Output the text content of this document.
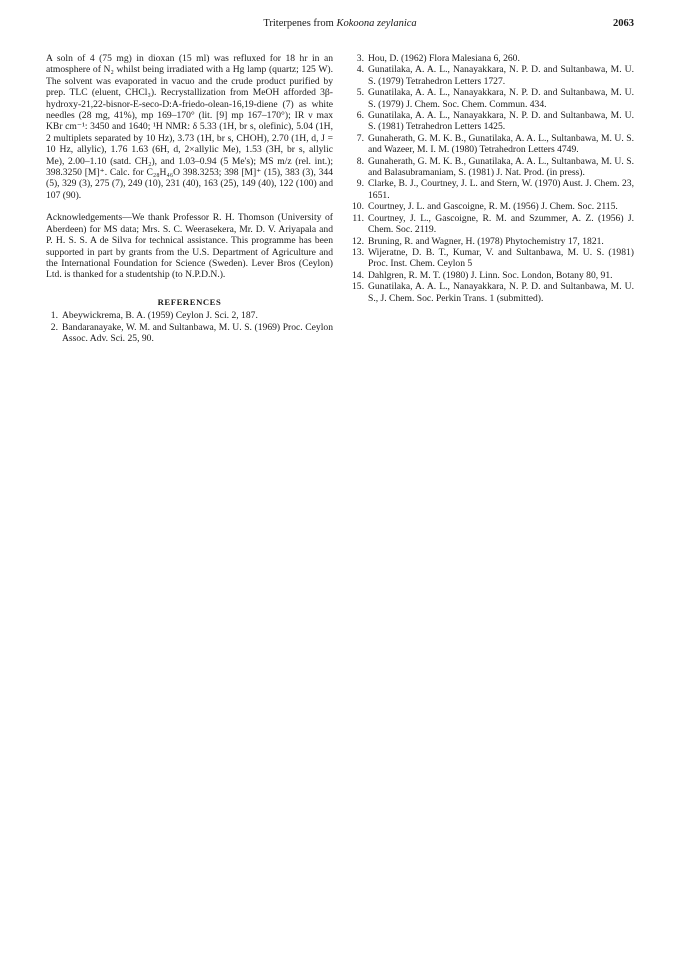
Triterpenes from Kokoona zeylanica	2063

A soln of 4 (75 mg) in dioxan (15 ml) was refluxed for 18 hr in an atmosphere of N₂ whilst being irradiated with a Hg lamp (quartz; 125 W). The solvent was evaporated in vacuo and the crude product purified by prep. TLC (eluent, CHCl₃). Recrystallization from MeOH afforded 3β-hydroxy-21,22-bisnor-E-seco-D:A-friedo-olean-16,19-diene (7) as white needles (28 mg, 41%), mp 169–170° (lit. [9] mp 167–170°); IR ν max KBr cm⁻¹: 3450 and 1640; ¹H NMR: δ 5.33 (1H, br s, olefinic), 5.04 (1H, 2 multiplets separated by 10 Hz), 3.73 (1H, br s, CHOH), 2.70 (1H, d, J = 10 Hz, allylic), 1.76 1.63 (6H, d, 2×allylic Me), 1.53 (3H, br s, allylic Me), 2.00–1.10 (satd. CH₂), and 1.03–0.94 (5 Me's); MS m/z (rel. int.); 398.3250 [M]⁺. Calc. for C₂₈H₄₆O 398.3253; 398 [M]⁺ (15), 383 (3), 344 (5), 329 (3), 275 (7), 249 (10), 231 (40), 163 (25), 149 (40), 122 (100) and 107 (90).

Acknowledgements—We thank Professor R. H. Thomson (University of Aberdeen) for MS data; Mrs. S. C. Weerasekera, Mr. D. V. Ariyapala and P. H. S. S. A de Silva for technical assistance. This programme has been supported in part by grants from the U.S. Department of Agriculture and the International Foundation for Science (Sweden). Lever Bros (Ceylon) Ltd. is thanked for a studentship (to N.P.D.N.).

REFERENCES
1. Abeywickrema, B. A. (1959) Ceylon J. Sci. 2, 187.
2. Bandaranayake, W. M. and Sultanbawa, M. U. S. (1969) Proc. Ceylon Assoc. Adv. Sci. 25, 90.
3. Hou, D. (1962) Flora Malesiana 6, 260.
4. Gunatilaka, A. A. L., Nanayakkara, N. P. D. and Sultanbawa, M. U. S. (1979) Tetrahedron Letters 1727.
5. Gunatilaka, A. A. L., Nanayakkara, N. P. D. and Sultanbawa, M. U. S. (1979) J. Chem. Soc. Chem. Commun. 434.
6. Gunatilaka, A. A. L., Nanayakkara, N. P. D. and Sultanbawa, M. U. S. (1981) Tetrahedron Letters 1425.
7. Gunaherath, G. M. K. B., Gunatilaka, A. A. L., Sultanbawa, M. U. S. and Wazeer, M. I. M. (1980) Tetrahedron Letters 4749.
8. Gunaherath, G. M. K. B., Gunatilaka, A. A. L., Sultanbawa, M. U. S. and Balasubramaniam, S. (1981) J. Nat. Prod. (in press).
9. Clarke, B. J., Courtney, J. L. and Stern, W. (1970) Aust. J. Chem. 23, 1651.
10. Courtney, J. L. and Gascoigne, R. M. (1956) J. Chem. Soc. 2115.
11. Courtney, J. L., Gascoigne, R. M. and Szummer, A. Z. (1956) J. Chem. Soc. 2119.
12. Bruning, R. and Wagner, H. (1978) Phytochemistry 17, 1821.
13. Wijeratne, D. B. T., Kumar, V. and Sultanbawa, M. U. S. (1981) Proc. Inst. Chem. Ceylon 5
14. Dahlgren, R. M. T. (1980) J. Linn. Soc. London, Botany 80, 91.
15. Gunatilaka, A. A. L., Nanayakkara, N. P. D. and Sultanbawa, M. U. S., J. Chem. Soc. Perkin Trans. 1 (submitted).
